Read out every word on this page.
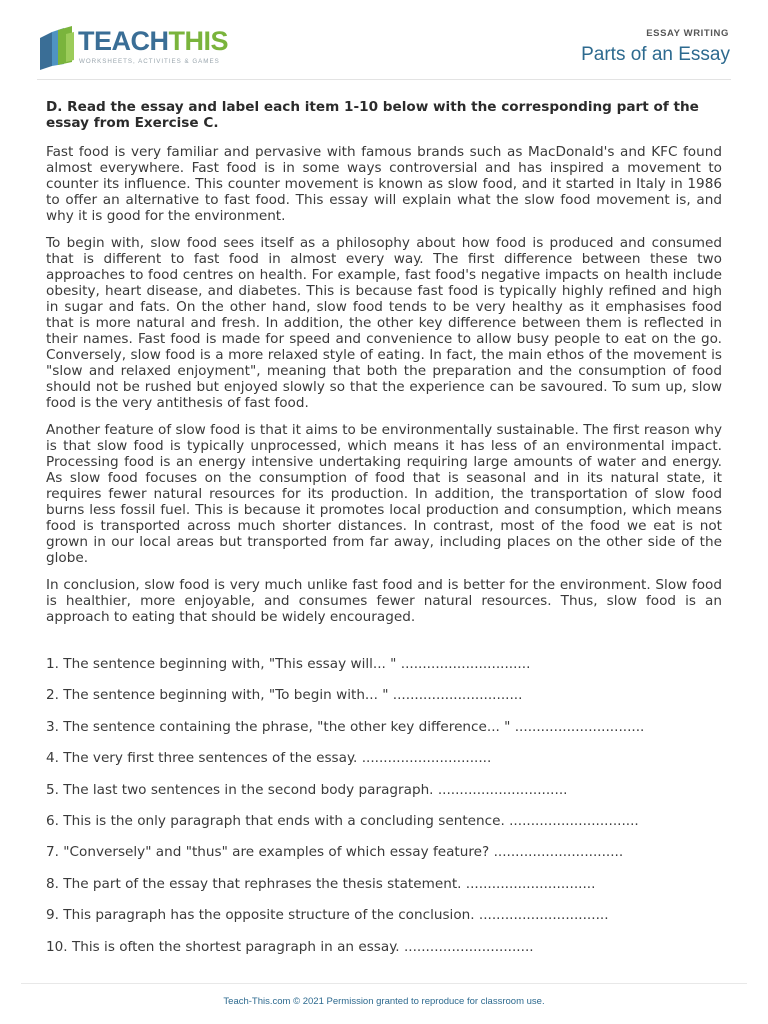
TEACHTHIS
WORKSHEETS, ACTIVITIES & GAMES
ESSAY WRITING
Parts of an Essay

D. Read the essay and label each item 1-10 below with the corresponding part of the essay from Exercise C.

Fast food is very familiar and pervasive with famous brands such as MacDonald's and KFC found almost everywhere. Fast food is in some ways controversial and has inspired a movement to counter its influence. This counter movement is known as slow food, and it started in Italy in 1986 to offer an alternative to fast food. This essay will explain what the slow food movement is, and why it is good for the environment.

To begin with, slow food sees itself as a philosophy about how food is produced and consumed that is different to fast food in almost every way. The first difference between these two approaches to food centres on health. For example, fast food's negative impacts on health include obesity, heart disease, and diabetes. This is because fast food is typically highly refined and high in sugar and fats. On the other hand, slow food tends to be very healthy as it emphasises food that is more natural and fresh. In addition, the other key difference between them is reflected in their names. Fast food is made for speed and convenience to allow busy people to eat on the go. Conversely, slow food is a more relaxed style of eating. In fact, the main ethos of the movement is "slow and relaxed enjoyment", meaning that both the preparation and the consumption of food should not be rushed but enjoyed slowly so that the experience can be savoured. To sum up, slow food is the very antithesis of fast food.

Another feature of slow food is that it aims to be environmentally sustainable. The first reason why is that slow food is typically unprocessed, which means it has less of an environmental impact. Processing food is an energy intensive undertaking requiring large amounts of water and energy. As slow food focuses on the consumption of food that is seasonal and in its natural state, it requires fewer natural resources for its production. In addition, the transportation of slow food burns less fossil fuel. This is because it promotes local production and consumption, which means food is transported across much shorter distances. In contrast, most of the food we eat is not grown in our local areas but transported from far away, including places on the other side of the globe.

In conclusion, slow food is very much unlike fast food and is better for the environment. Slow food is healthier, more enjoyable, and consumes fewer natural resources. Thus, slow food is an approach to eating that should be widely encouraged.

1. The sentence beginning with, "This essay will... " ..............................
2. The sentence beginning with, "To begin with... " ..............................
3. The sentence containing the phrase, "the other key difference... " ..............................
4. The very first three sentences of the essay. ..............................
5. The last two sentences in the second body paragraph. ..............................
6. This is the only paragraph that ends with a concluding sentence. ..............................
7. "Conversely" and "thus" are examples of which essay feature? ..............................
8. The part of the essay that rephrases the thesis statement. ..............................
9. This paragraph has the opposite structure of the conclusion. ..............................
10. This is often the shortest paragraph in an essay. ..............................
Teach-This.com © 2021 Permission granted to reproduce for classroom use.
